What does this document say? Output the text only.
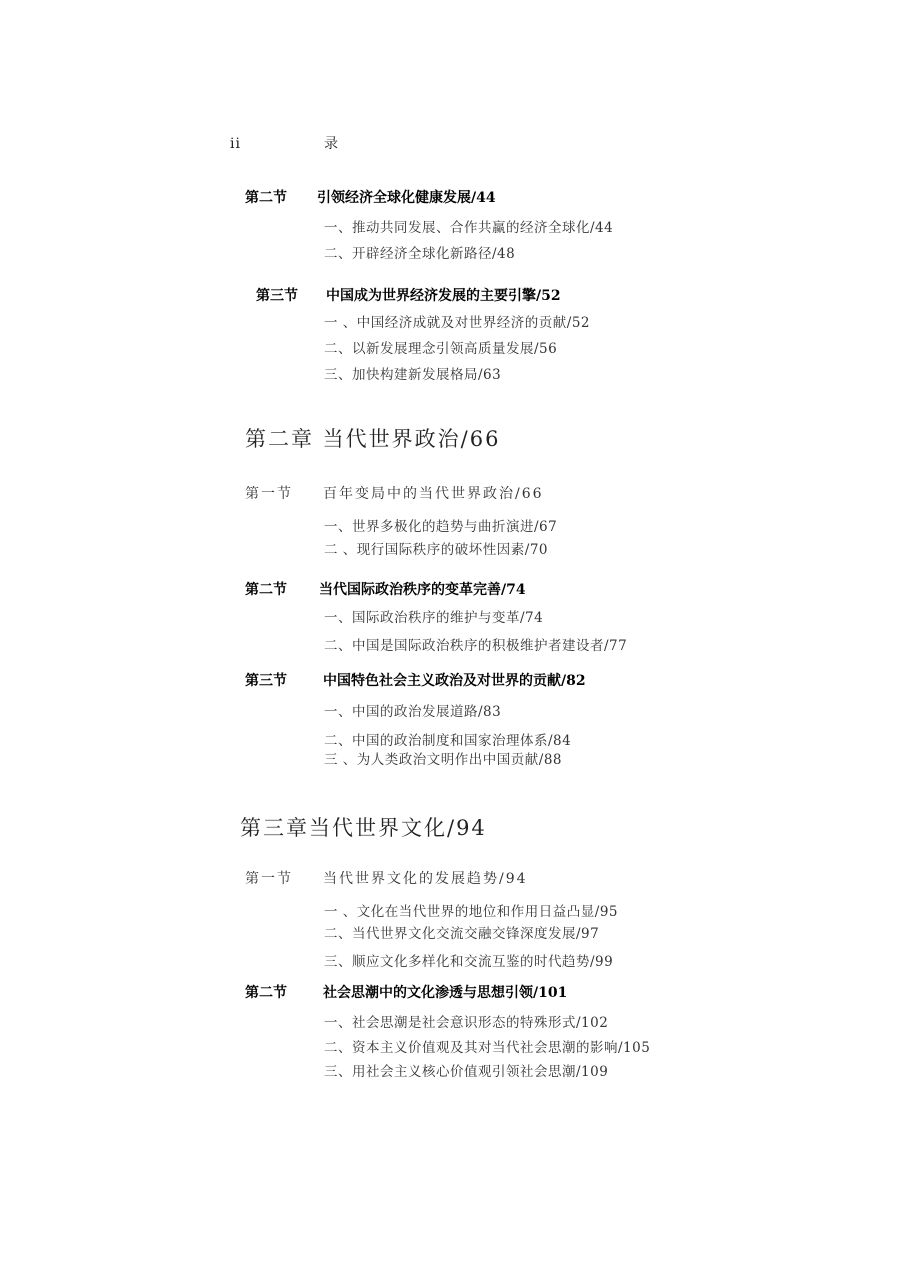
ii	录
第二节 引领经济全球化健康发展/44
一、推动共同发展、合作共赢的经济全球化/44
二、开辟经济全球化新路径/48
第三节 中国成为世界经济发展的主要引擎/52
一 、中国经济成就及对世界经济的贡献/52
二、以新发展理念引领高质量发展/56
三、加快构建新发展格局/63
第二章 当代世界政治/66
第一节 百年变局中的当代世界政治/66
一、世界多极化的趋势与曲折演进/67
二 、现行国际秩序的破坏性因素/70
第二节 当代国际政治秩序的变革完善/74
一、国际政治秩序的维护与变革/74
二、中国是国际政治秩序的积极维护者建设者/77
第三节	中国特色社会主义政治及对世界的贡献/82
一、中国的政治发展道路/83
二、中国的政治制度和国家治理体系/84
三 、为人类政治文明作出中国贡献/88
第三章当代世界文化/94
第一节 当代世界文化的发展趋势/94
一 、文化在当代世界的地位和作用日益凸显/95
二、当代世界文化交流交融交锋深度发展/97
三、顺应文化多样化和交流互鉴的时代趋势/99
第二节	社会思潮中的文化渗透与思想引领/101
一、社会思潮是社会意识形态的特殊形式/102
二、资本主义价值观及其对当代社会思潮的影响/105
三、用社会主义核心价值观引领社会思潮/109
